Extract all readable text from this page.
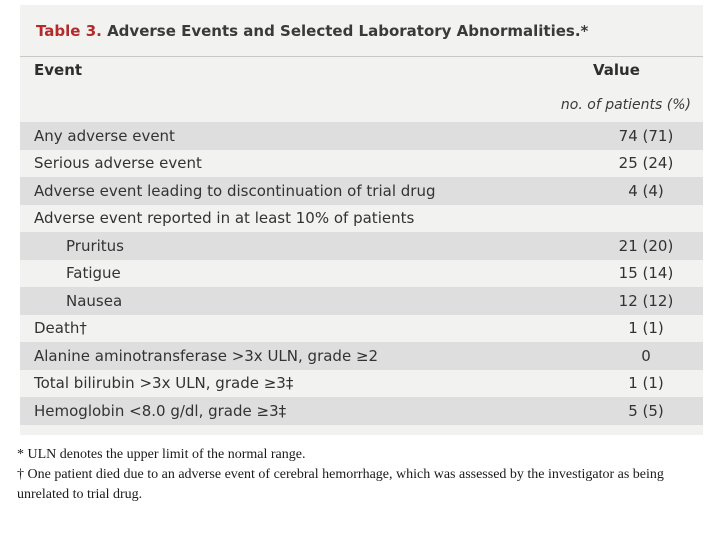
Table 3. Adverse Events and Selected Laboratory Abnormalities.*
Event	Value
no. of patients (%)
Any adverse event	74 (71)
Serious adverse event	25 (24)
Adverse event leading to discontinuation of trial drug	4 (4)
Adverse event reported in at least 10% of patients
Pruritus	21 (20)
Fatigue	15 (14)
Nausea	12 (12)
Death†	1 (1)
Alanine aminotransferase >3x ULN, grade ≥2	0
Total bilirubin >3x ULN, grade ≥3‡	1 (1)
Hemoglobin <8.0 g/dl, grade ≥3‡	5 (5)

* ULN denotes the upper limit of the normal range.

† One patient died due to an adverse event of cerebral hemorrhage, which was assessed by the investigator as being unrelated to trial drug.
